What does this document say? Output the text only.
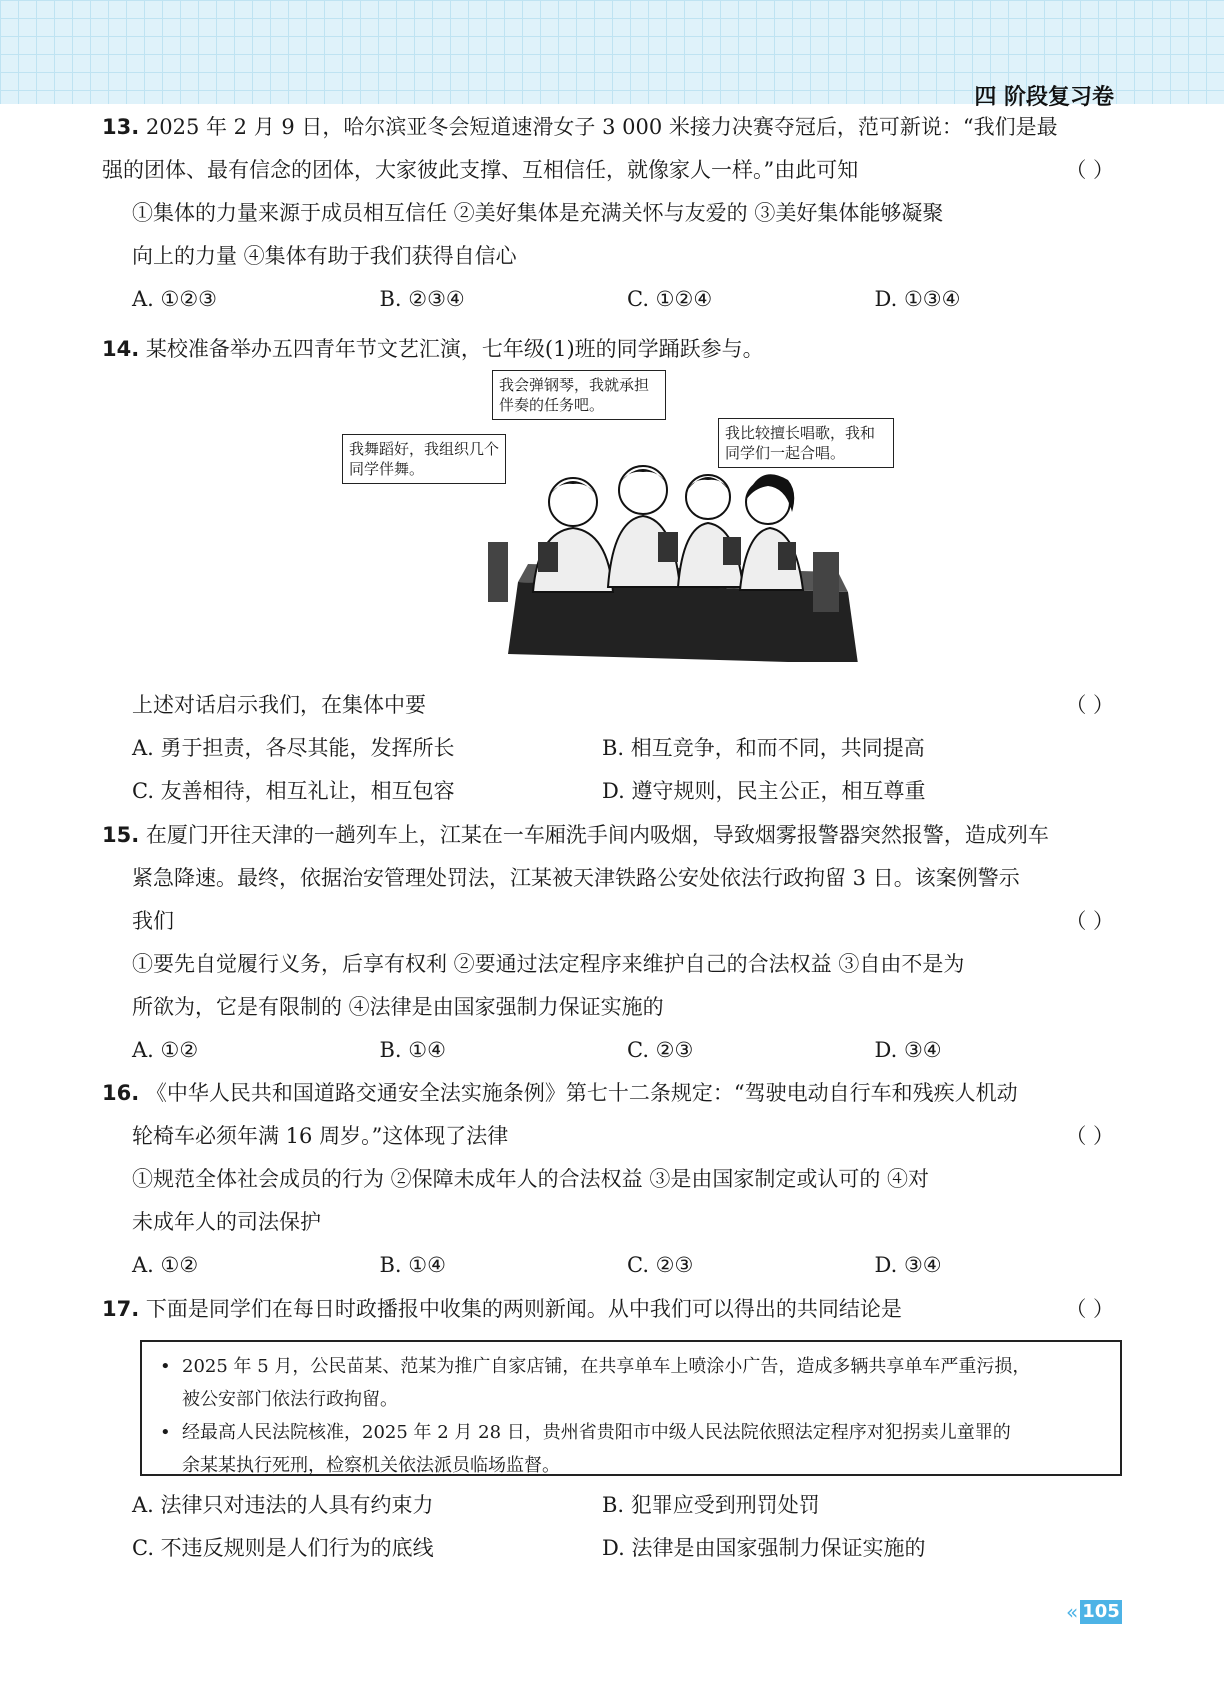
四 阶段复习卷
13. 2025 年 2 月 9 日，哈尔滨亚冬会短道速滑女子 3 000 米接力决赛夺冠后，范可新说：“我们是最
强的团体、最有信念的团体，大家彼此支撑、互相信任，就像家人一样。”由此可知	（ ）
①集体的力量来源于成员相互信任 ②美好集体是充满关怀与友爱的 ③美好集体能够凝聚
向上的力量 ④集体有助于我们获得自信心
A. ①②③	B. ②③④	C. ①②④	D. ①③④
14. 某校准备举办五四青年节文艺汇演，七年级(1)班的同学踊跃参与。
我舞蹈好，我组织几个同学伴舞。
我会弹钢琴，我就承担伴奏的任务吧。
我比较擅长唱歌，我和同学们一起合唱。
上述对话启示我们，在集体中要	（ ）
A. 勇于担责，各尽其能，发挥所长	B. 相互竞争，和而不同，共同提高
C. 友善相待，相互礼让，相互包容	D. 遵守规则，民主公正，相互尊重
15. 在厦门开往天津的一趟列车上，江某在一车厢洗手间内吸烟，导致烟雾报警器突然报警，造成列车
紧急降速。最终，依据治安管理处罚法，江某被天津铁路公安处依法行政拘留 3 日。该案例警示
我们	（ ）
①要先自觉履行义务，后享有权利 ②要通过法定程序来维护自己的合法权益 ③自由不是为
所欲为，它是有限制的 ④法律是由国家强制力保证实施的
A. ①②	B. ①④	C. ②③	D. ③④
16. 《中华人民共和国道路交通安全法实施条例》第七十二条规定：“驾驶电动自行车和残疾人机动
轮椅车必须年满 16 周岁。”这体现了法律	（ ）
①规范全体社会成员的行为 ②保障未成年人的合法权益 ③是由国家制定或认可的 ④对
未成年人的司法保护
A. ①②	B. ①④	C. ②③	D. ③④
17. 下面是同学们在每日时政播报中收集的两则新闻。从中我们可以得出的共同结论是	（ ）
• 2025 年 5 月，公民苗某、范某为推广自家店铺，在共享单车上喷涂小广告，造成多辆共享单车严重污损，
被公安部门依法行政拘留。
• 经最高人民法院核准，2025 年 2 月 28 日，贵州省贵阳市中级人民法院依照法定程序对犯拐卖儿童罪的
余某某执行死刑，检察机关依法派员临场监督。
A. 法律只对违法的人具有约束力	B. 犯罪应受到刑罚处罚
C. 不违反规则是人们行为的底线	D. 法律是由国家强制力保证实施的
« 105
